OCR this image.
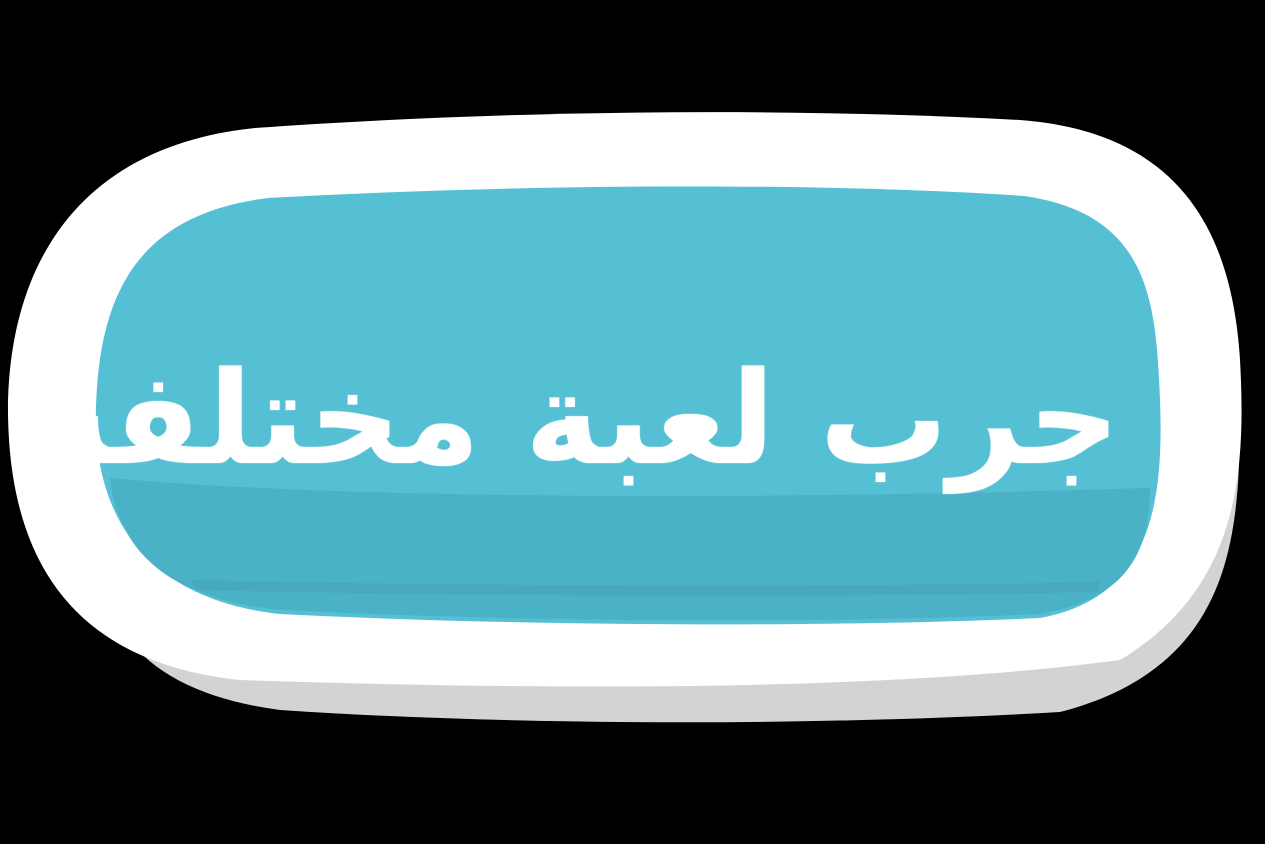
جرب لعبة مختلفة
